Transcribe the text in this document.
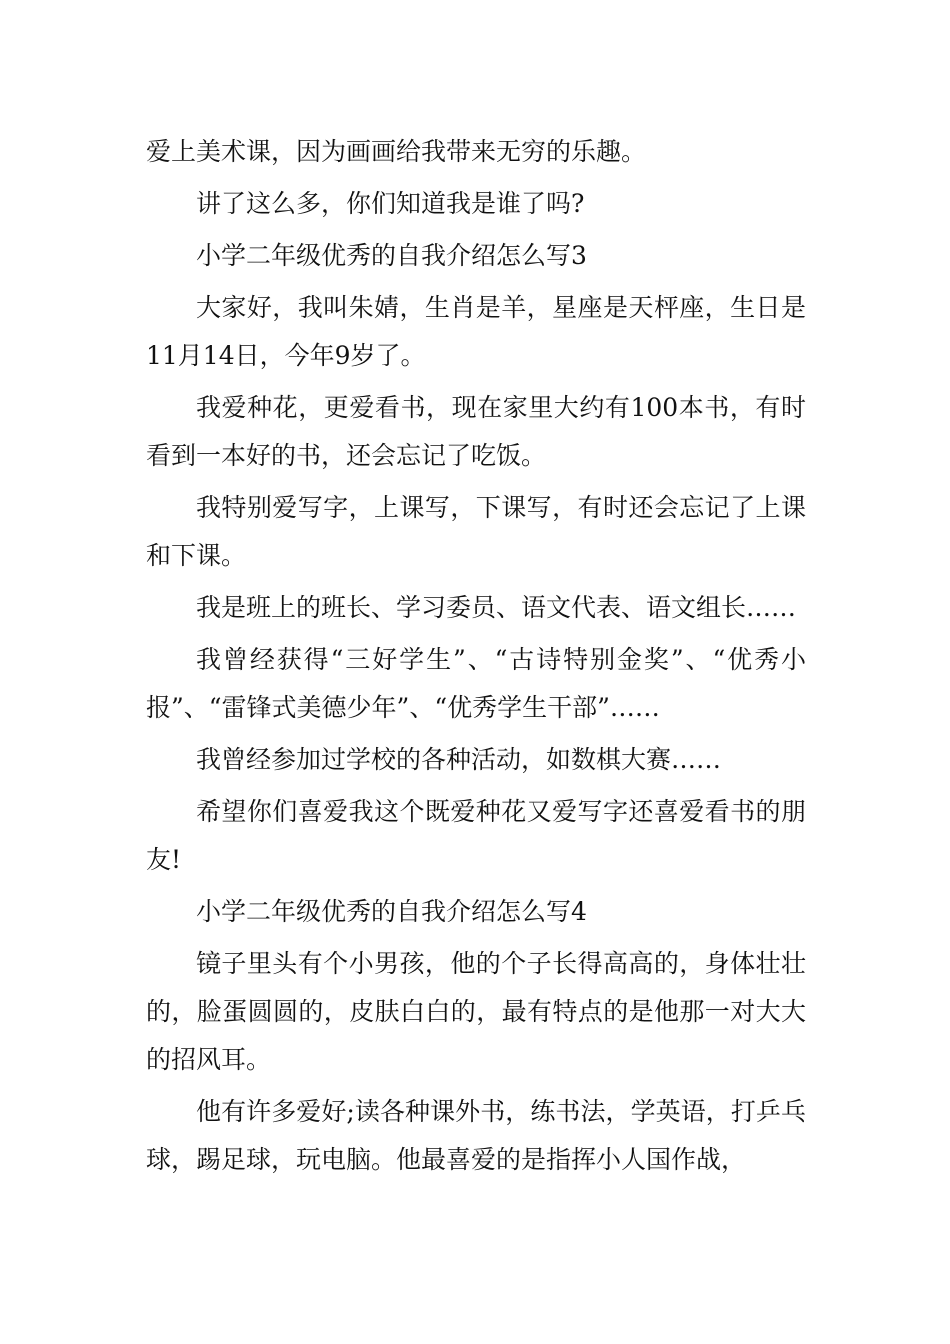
爱上美术课，因为画画给我带来无穷的乐趣。

讲了这么多，你们知道我是谁了吗?

小学二年级优秀的自我介绍怎么写3

大家好，我叫朱婧，生肖是羊，星座是天枰座，生日是11月14日，今年9岁了。

我爱种花，更爱看书，现在家里大约有100本书，有时看到一本好的书，还会忘记了吃饭。

我特别爱写字，上课写，下课写，有时还会忘记了上课和下课。

我是班上的班长、学习委员、语文代表、语文组长……

我曾经获得“三好学生”、“古诗特别金奖”、“优秀小报”、“雷锋式美德少年”、“优秀学生干部”……

我曾经参加过学校的各种活动，如数棋大赛……

希望你们喜爱我这个既爱种花又爱写字还喜爱看书的朋友!

小学二年级优秀的自我介绍怎么写4

镜子里头有个小男孩，他的个子长得高高的，身体壮壮的，脸蛋圆圆的，皮肤白白的，最有特点的是他那一对大大的招风耳。

他有许多爱好;读各种课外书，练书法，学英语，打乒乓球，踢足球，玩电脑。他最喜爱的是指挥小人国作战，
